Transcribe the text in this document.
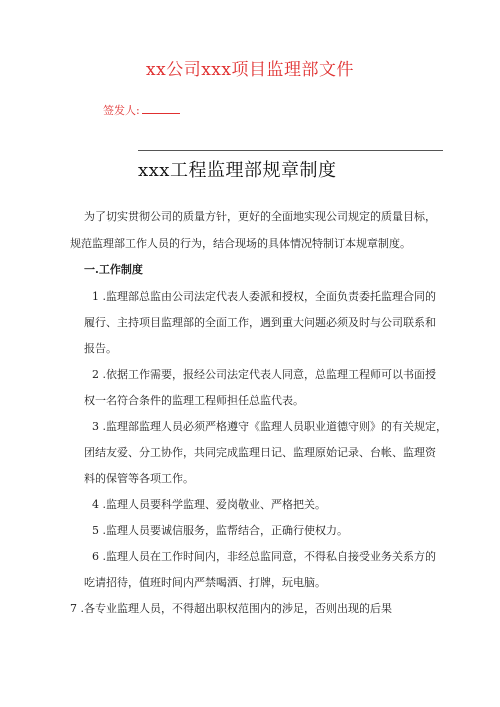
xx公司xxx项目监理部文件
签发人:
xxx工程监理部规章制度
为了切实贯彻公司的质量方针，更好的全面地实现公司规定的质量目标，
规范监理部工作人员的行为，结合现场的具体情况特制订本规章制度。
一.工作制度
1 .监理部总监由公司法定代表人委派和授权，全面负责委托监理合同的
履行、主持项目监理部的全面工作，遇到重大问题必须及时与公司联系和
报告。
2 .依据工作需要，报经公司法定代表人同意，总监理工程师可以书面授
权一名符合条件的监理工程师担任总监代表。
3 .监理部监理人员必须严格遵守《监理人员职业道德守则》的有关规定，
团结友爱、分工协作，共同完成监理日记、监理原始记录、台帐、监理资
料的保管等各项工作。
4 .监理人员要科学监理、爱岗敬业、严格把关。
5 .监理人员要诚信服务，监帮结合，正确行使权力。
6 .监理人员在工作时间内，非经总监同意，不得私自接受业务关系方的
吃请招待，值班时间内严禁喝酒、打牌，玩电脑。
7 .各专业监理人员，不得超出职权范围内的涉足，否则出现的后果
